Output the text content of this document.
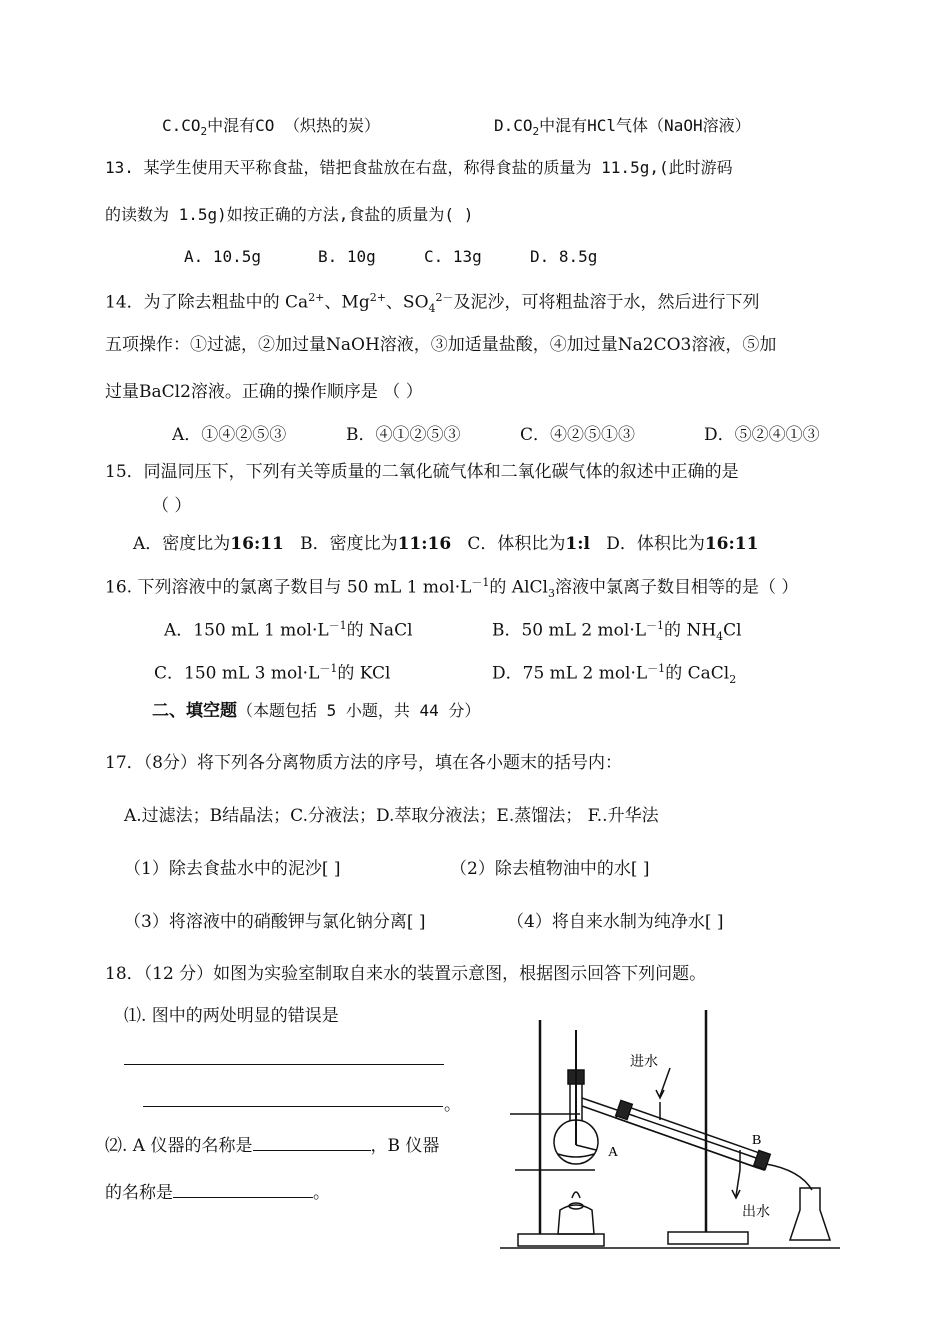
$C.CO_2$中混有CO （炽热的炭）	$D.CO_2$中混有HCl气体（NaOH溶液）
13. 某学生使用天平称食盐，错把食盐放在右盘，称得食盐的质量为 11.5g,(此时游码
的读数为 1.5g)如按正确的方法,食盐的质量为( )
A. 10.5g	B. 10g	C. 13g	D. 8.5g
14．为了除去粗盐中的 $Ca^{2+}$、$Mg^{2+}$、$SO_4^{2-}$及泥沙，可将粗盐溶于水，然后进行下列
五项操作：①过滤，②加过量NaOH溶液，③加适量盐酸，④加过量Na2CO3溶液，⑤加
过量BaCl2溶液。正确的操作顺序是 （ ）
A．①④②⑤③	B．④①②⑤③	C．④②⑤①③	D．⑤②④①③
15．同温同压下，下列有关等质量的二氧化硫气体和二氧化碳气体的叙述中正确的是
（ ）
A．密度比为16:11 B．密度比为11:16 C．体积比为1:l D．体积比为16:11
16. 下列溶液中的氯离子数目与 50 mL 1 $mol\cdot L^{-1}$的 AlCl$_3$溶液中氯离子数目相等的是（ ）
A．150 mL 1 $mol\cdot L^{-1}$的 NaCl	B．50 mL 2 $mol\cdot L^{-1}$的 $NH_4Cl$
C．150 mL 3 $mol\cdot L^{-1}$的 KCl	D．75 mL 2 $mol\cdot L^{-1}$的 CaCl$_2$
二、填空题（本题包括 5 小题，共 44 分）
17．（8分）将下列各分离物质方法的序号，填在各小题末的括号内：
A.过滤法；B结晶法；C.分液法；D.萃取分液法；E.蒸馏法； F..升华法
（1）除去食盐水中的泥沙[ ]	（2）除去植物油中的水[ ]
（3）将溶液中的硝酸钾与氯化钠分离[ ]	（4）将自来水制为纯净水[ ]
18．（12 分）如图为实验室制取自来水的装置示意图，根据图示回答下列问题。
⑴. 图中的两处明显的错误是
。
⑵. A 仪器的名称是	，B 仪器
的名称是	。
A
B
进水
出水
